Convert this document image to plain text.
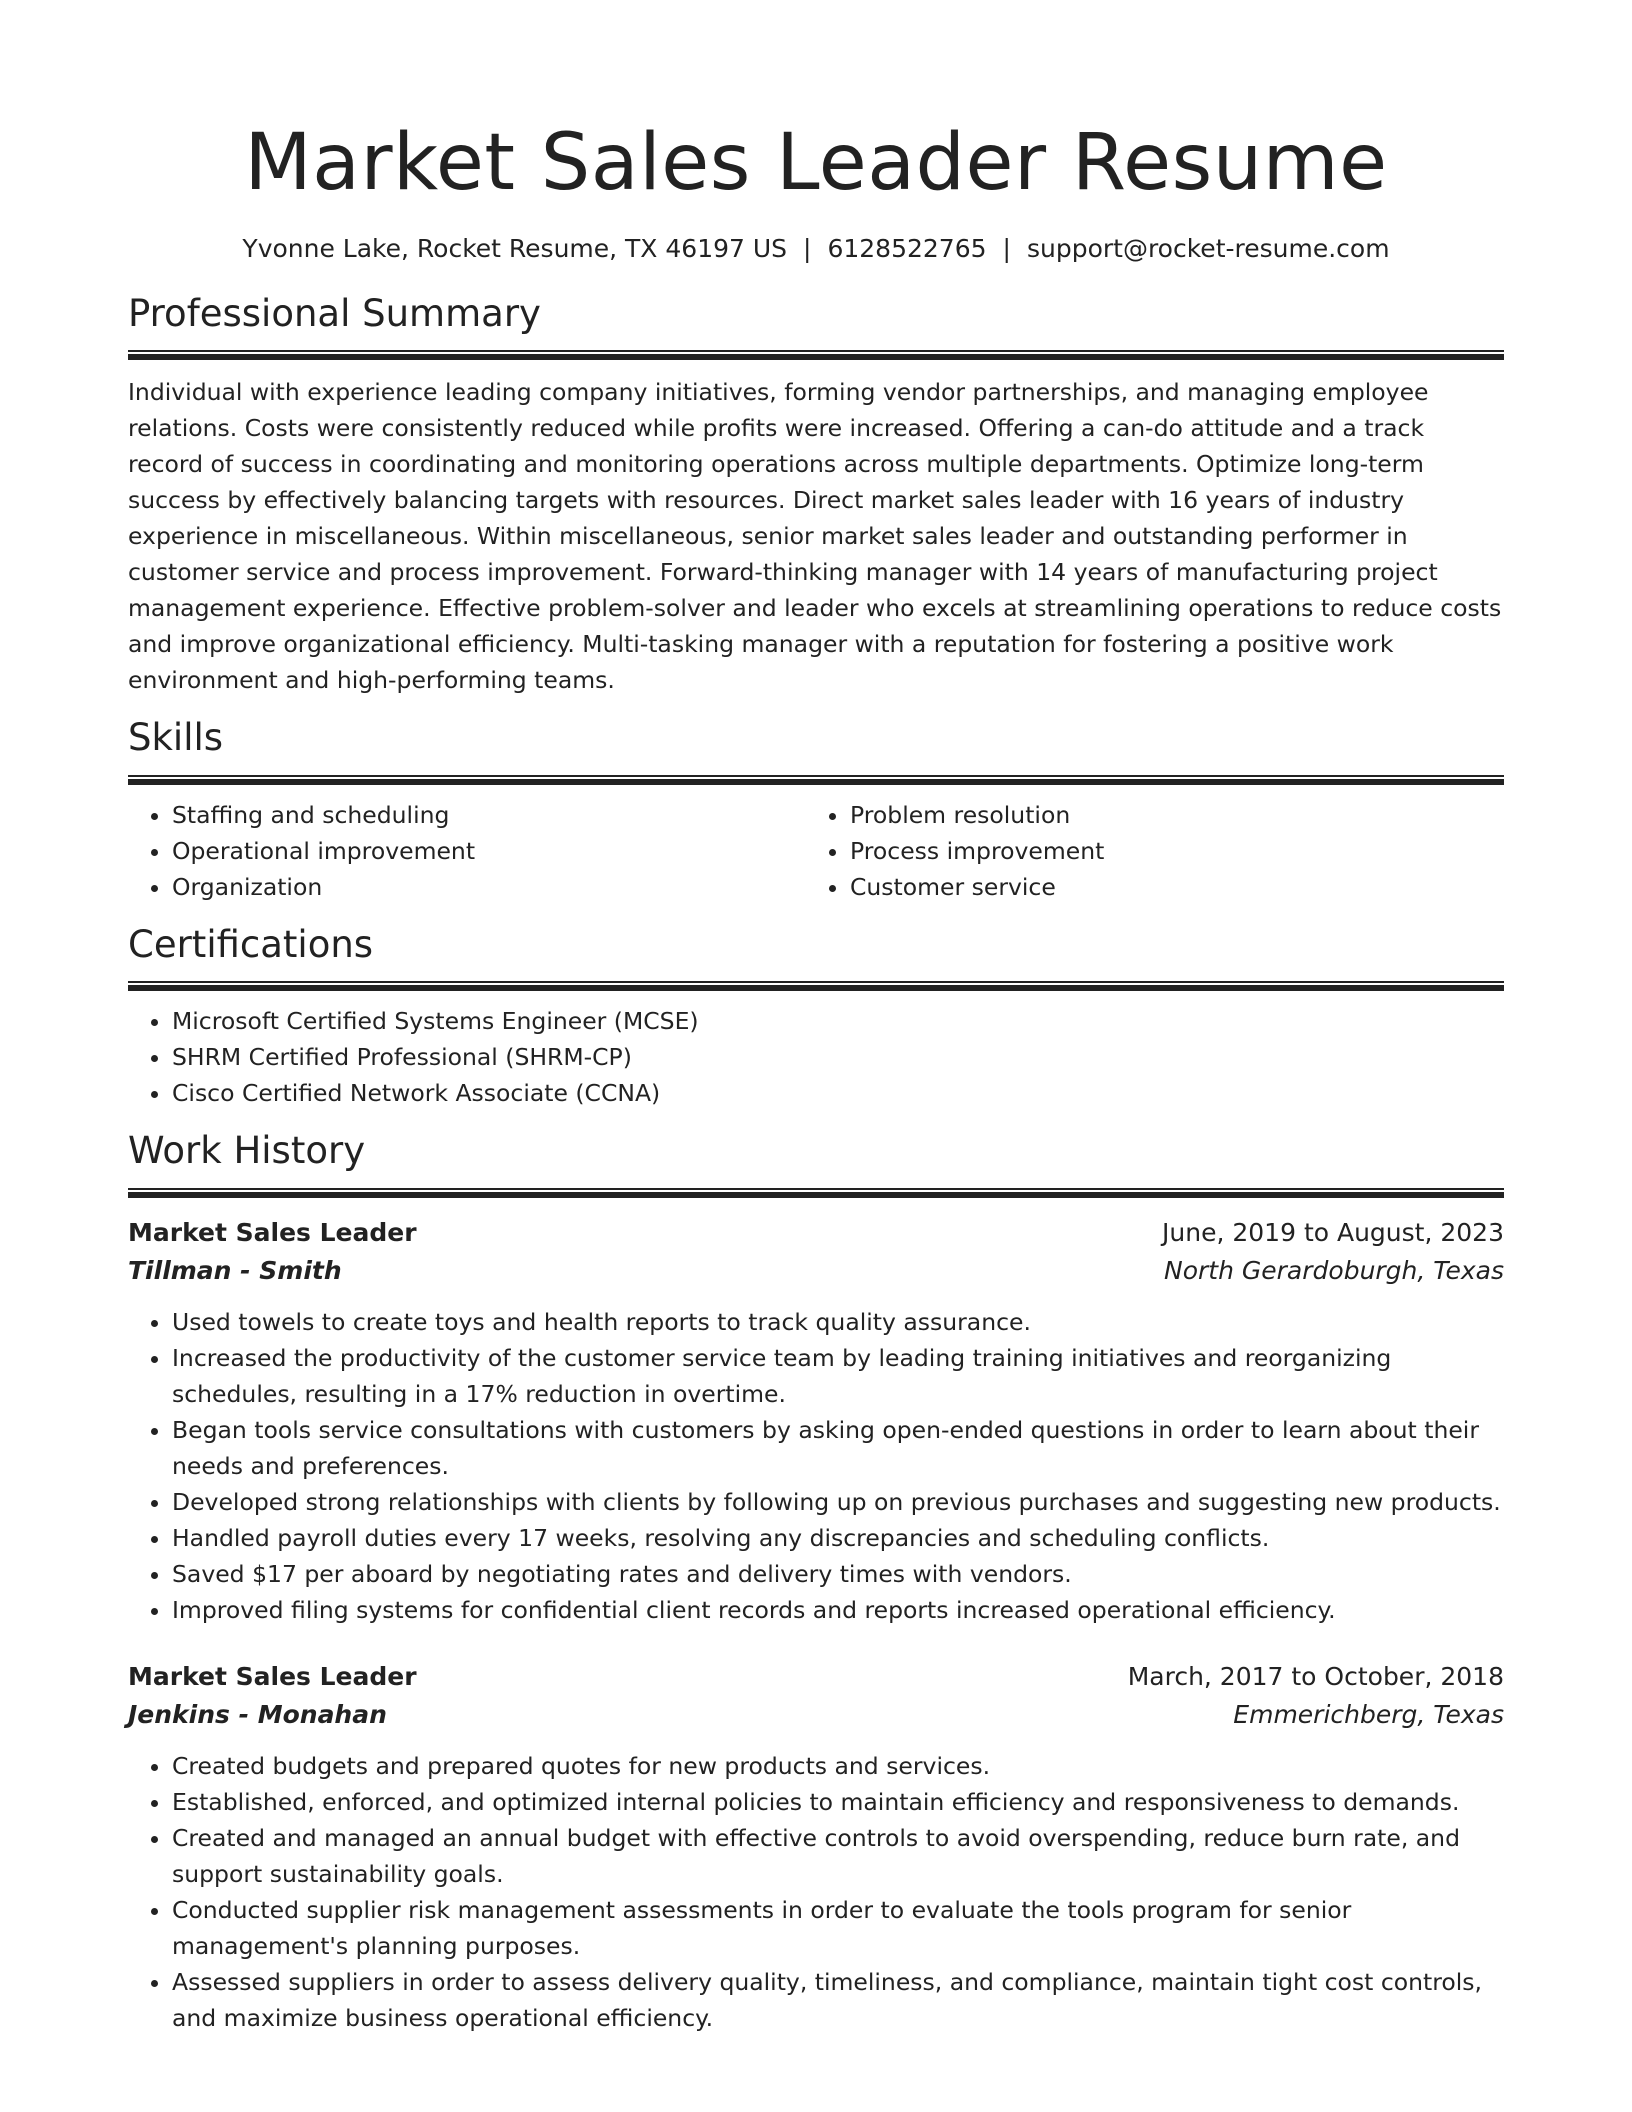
Market Sales Leader Resume
Yvonne Lake, Rocket Resume, TX 46197 US | 6128522765 | support@rocket-resume.com
Professional Summary

Individual with experience leading company initiatives, forming vendor partnerships, and managing employee relations. Costs were consistently reduced while profits were increased. Offering a can-do attitude and a track record of success in coordinating and monitoring operations across multiple departments. Optimize long-term success by effectively balancing targets with resources. Direct market sales leader with 16 years of industry experience in miscellaneous. Within miscellaneous, senior market sales leader and outstanding performer in customer service and process improvement. Forward-thinking manager with 14 years of manufacturing project management experience. Effective problem-solver and leader who excels at streamlining operations to reduce costs and improve organizational efficiency. Multi-tasking manager with a reputation for fostering a positive work environment and high-performing teams.

Skills
• Staffing and scheduling
• Operational improvement
• Organization
• Problem resolution
• Process improvement
• Customer service
Certifications
• Microsoft Certified Systems Engineer (MCSE)
• SHRM Certified Professional (SHRM-CP)
• Cisco Certified Network Associate (CCNA)
Work History
Market Sales Leader	June, 2019 to August, 2023
Tillman - Smith	North Gerardoburgh, Texas
• Used towels to create toys and health reports to track quality assurance.
• Increased the productivity of the customer service team by leading training initiatives and reorganizing schedules, resulting in a 17% reduction in overtime.
• Began tools service consultations with customers by asking open-ended questions in order to learn about their needs and preferences.
• Developed strong relationships with clients by following up on previous purchases and suggesting new products.
• Handled payroll duties every 17 weeks, resolving any discrepancies and scheduling conflicts.
• Saved $17 per aboard by negotiating rates and delivery times with vendors.
• Improved filing systems for confidential client records and reports increased operational efficiency.
Market Sales Leader	March, 2017 to October, 2018
Jenkins - Monahan	Emmerichberg, Texas
• Created budgets and prepared quotes for new products and services.
• Established, enforced, and optimized internal policies to maintain efficiency and responsiveness to demands.
• Created and managed an annual budget with effective controls to avoid overspending, reduce burn rate, and support sustainability goals.
• Conducted supplier risk management assessments in order to evaluate the tools program for senior management's planning purposes.
• Assessed suppliers in order to assess delivery quality, timeliness, and compliance, maintain tight cost controls, and maximize business operational efficiency.
